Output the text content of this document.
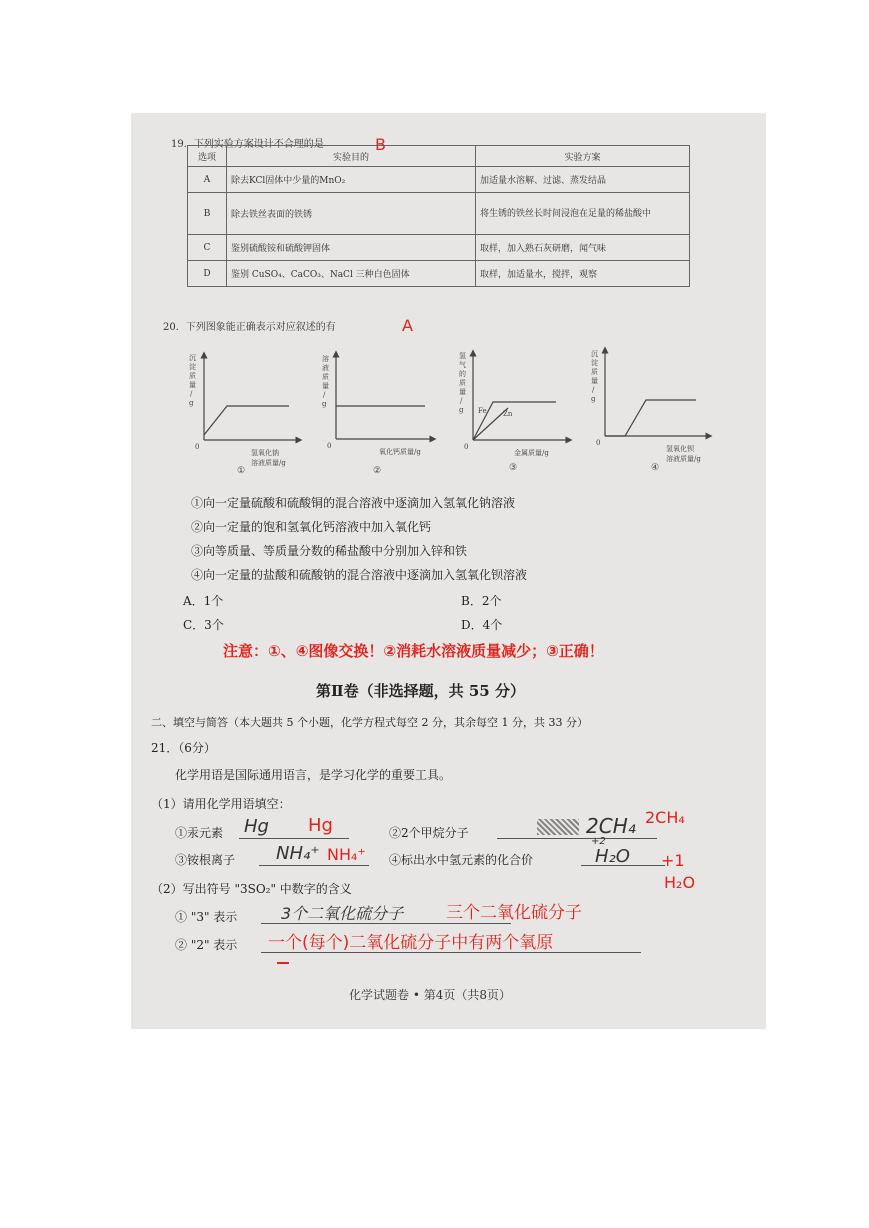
19．下列实验方案设计不合理的是	B
选项	实验目的	实验方案
A	除去KCl固体中少量的MnO₂	加适量水溶解、过滤、蒸发结晶
B	除去铁丝表面的铁锈	将生锈的铁丝长时间浸泡在足量的稀盐酸中
C	鉴别硫酸铵和硫酸钾固体	取样，加入熟石灰研磨，闻气味
D	鉴别 CuSO₄、CaCO₃、NaCl 三种白色固体	取样，加适量水，搅拌，观察
20．下列图象能正确表示对应叙述的有	A
沉
淀
质
量
/
g
0
氢氧化钠
溶液质量/g
①
溶
液
质
量
/
g
0
氧化钙质量/g
②
Fe Zn
氢
气
的
质
量
/
g
0
金属质量/g
③
沉
淀
质
量
/
g
0
氢氧化钡
溶液质量/g
④
①向一定量硫酸和硫酸铜的混合溶液中逐滴加入氢氧化钠溶液
②向一定量的饱和氢氧化钙溶液中加入氧化钙
③向等质量、等质量分数的稀盐酸中分别加入锌和铁
④向一定量的盐酸和硫酸钠的混合溶液中逐滴加入氢氧化钡溶液
A．1个	B．2个
C．3个	D．4个
注意：①、④图像交换！②消耗水溶液质量减少；③正确！
第Ⅱ卷（非选择题，共 55 分）
二、填空与简答（本大题共 5 个小题，化学方程式每空 2 分，其余每空 1 分，共 33 分）
21．（6分）
化学用语是国际通用语言，是学习化学的重要工具。
（1）请用化学用语填空：
①汞元素 Hg Hg	②2个甲烷分子	2CH₄ 2CH₄
③铵根离子 NH₄⁺ NH₄⁺ ④标出水中氢元素的化合价
+2
H₂O +1
H₂O
（2）写出符号 "3SO₂" 中数字的含义
① "3" 表示	3个二氧化硫分子	三个二氧化硫分子
② "2" 表示 一个(每个)二氧化硫分子中有两个氧原
化学试题卷 • 第4页（共8页）
